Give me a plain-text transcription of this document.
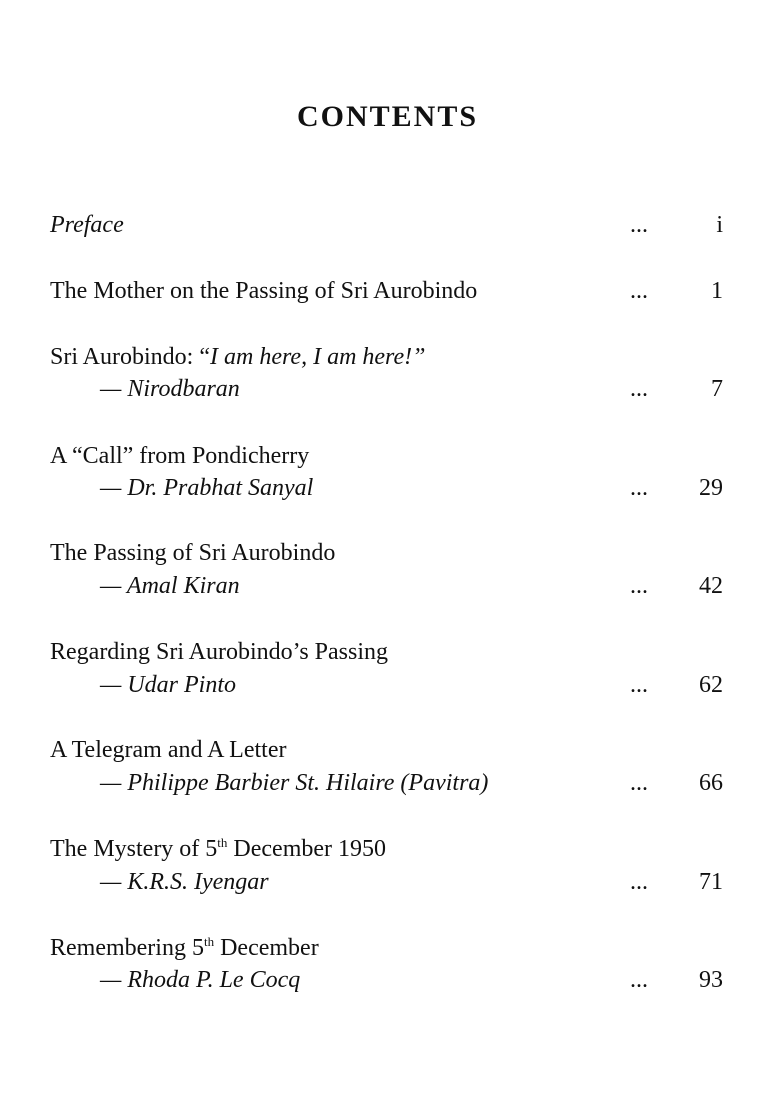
CONTENTS
Preface	...	i
The Mother on the Passing of Sri Aurobindo	...	1
Sri Aurobindo: “I am here, I am here!”
— Nirodbaran	...	7
A “Call” from Pondicherry
— Dr. Prabhat Sanyal	... 29
The Passing of Sri Aurobindo
— Amal Kiran	... 42
Regarding Sri Aurobindo’s Passing
— Udar Pinto	... 62
A Telegram and A Letter
— Philippe Barbier St. Hilaire (Pavitra)	... 66
The Mystery of 5th December 1950
— K.R.S. Iyengar	... 71
Remembering 5th December
— Rhoda P. Le Cocq	... 93
